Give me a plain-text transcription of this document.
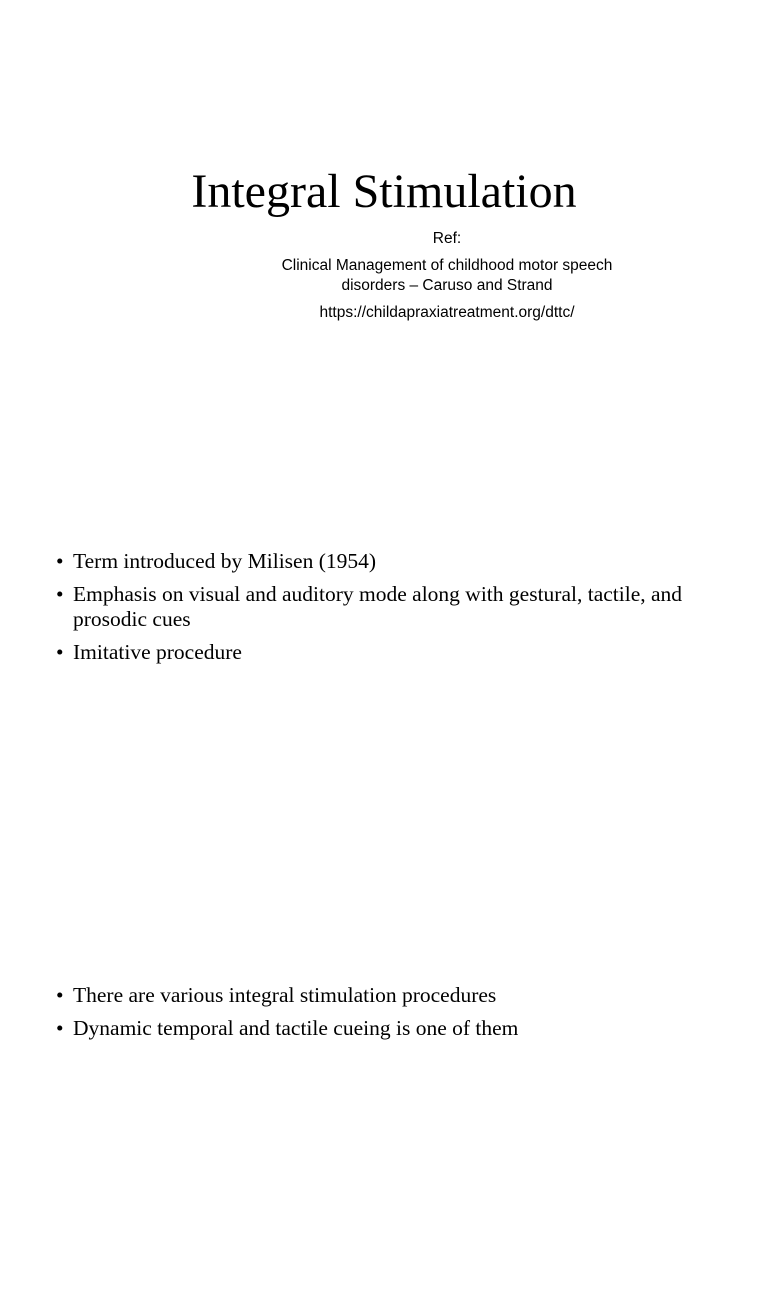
Integral Stimulation
Ref:
Clinical Management of childhood motor speech
disorders – Caruso and Strand
https://childapraxiatreatment.org/dttc/
• Term introduced by Milisen (1954)
• Emphasis on visual and auditory mode along with gestural, tactile, and prosodic cues
• Imitative procedure
• There are various integral stimulation procedures
• Dynamic temporal and tactile cueing is one of them
